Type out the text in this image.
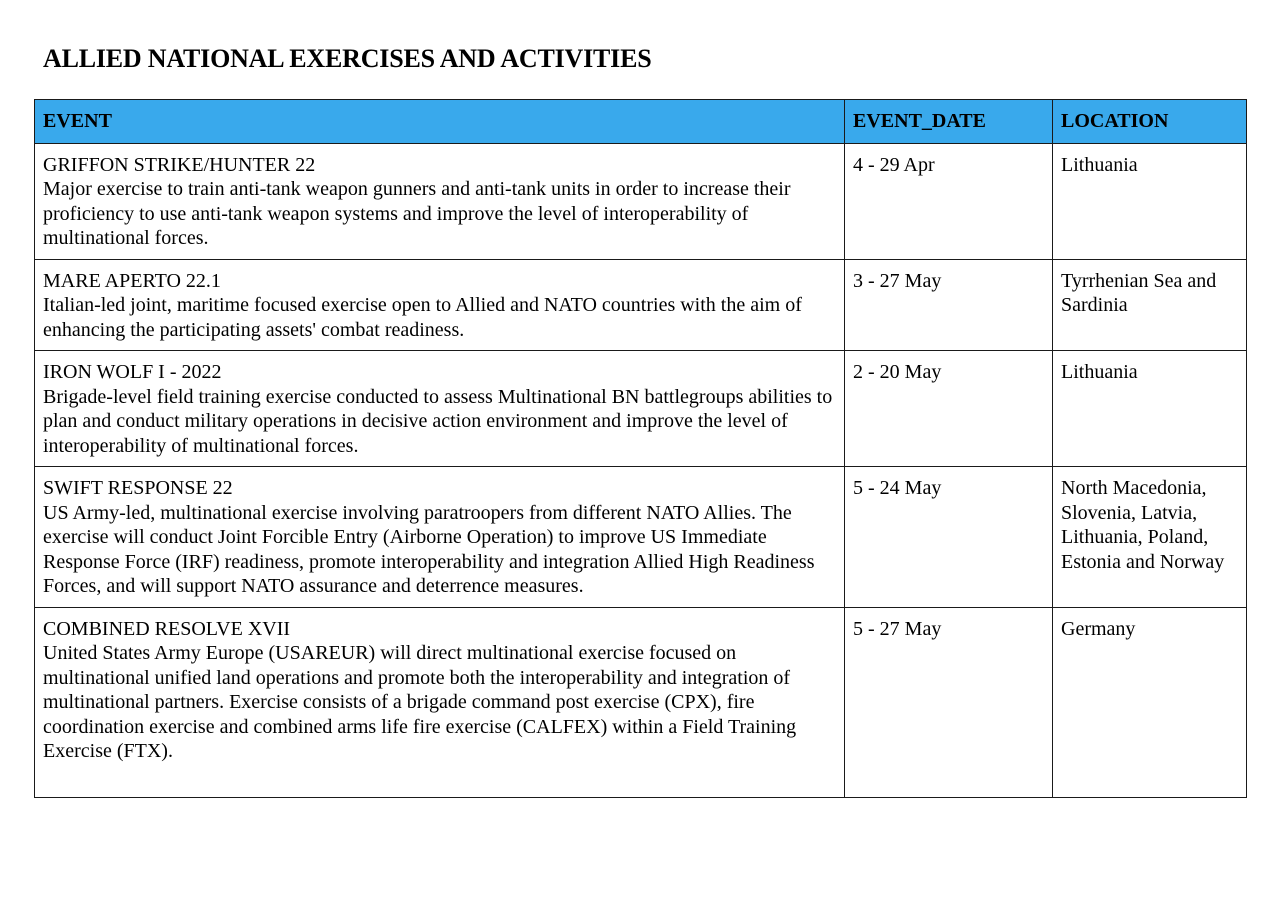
ALLIED NATIONAL EXERCISES AND ACTIVITIES
EVENT	EVENT_DATE	LOCATION

GRIFFON STRIKE/HUNTER 22
Major exercise to train anti-tank weapon gunners and anti-tank units in order to increase their proficiency to use anti-tank weapon systems and improve the level of interoperability of multinational forces.	4 - 29 Apr	Lithuania

MARE APERTO 22.1
Italian-led joint, maritime focused exercise open to Allied and NATO countries with the aim of enhancing the participating assets' combat readiness.	3 - 27 May	Tyrrhenian Sea and Sardinia

IRON WOLF I - 2022
Brigade-level field training exercise conducted to assess Multinational BN battlegroups abilities to plan and conduct military operations in decisive action environment and improve the level of interoperability of multinational forces.	2 - 20 May	Lithuania

SWIFT RESPONSE 22
US Army-led, multinational exercise involving paratroopers from different NATO Allies. The exercise will conduct Joint Forcible Entry (Airborne Operation) to improve US Immediate Response Force (IRF) readiness, promote interoperability and integration Allied High Readiness Forces, and will support NATO assurance and deterrence measures.	5 - 24 May	North Macedonia, Slovenia, Latvia, Lithuania, Poland, Estonia and Norway

COMBINED RESOLVE XVII
United States Army Europe (USAREUR) will direct multinational exercise focused on multinational unified land operations and promote both the interoperability and integration of multinational partners. Exercise consists of a brigade command post exercise (CPX), fire coordination exercise and combined arms life fire exercise (CALFEX) within a Field Training Exercise (FTX).	5 - 27 May	Germany
